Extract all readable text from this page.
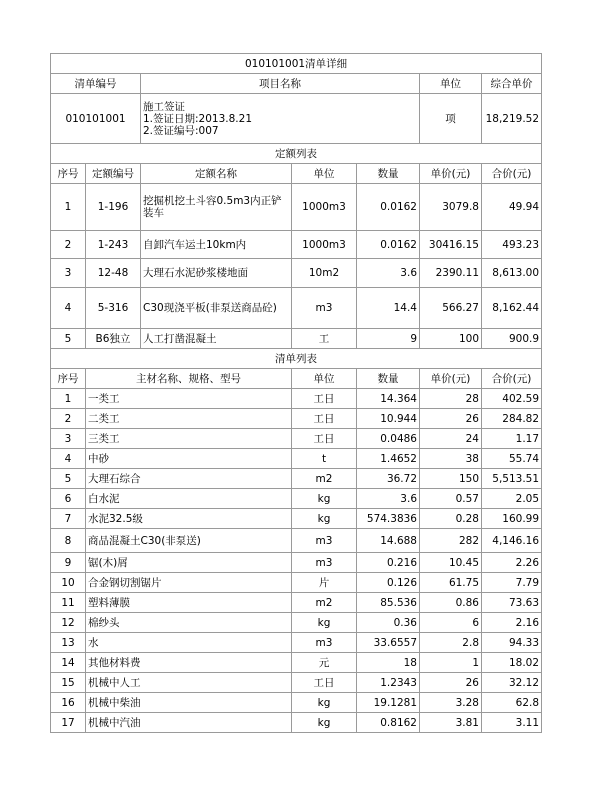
010101001清单详细						
清单编号		项目名称			单位	综合单价
010101001		施工签证
1.签证日期:2013.8.21
2.签证编号:007			项	18,219.52
定额列表						
序号	定额编号	定额名称	单位	数量	单价(元)	合价(元)
1	1-196	挖掘机挖土斗容0.5m3内正铲装车	1000m3	0.0162	3079.8	49.94
2	1-243	自卸汽车运土10km内	1000m3	0.0162	30416.15	493.23
3	12-48	大理石水泥砂浆楼地面	10m2	3.6	2390.11	8,613.00
4	5-316	C30现浇平板(非泵送商品砼)	m3	14.4	566.27	8,162.44
5	B6独立	人工打凿混凝土	工	9	100	900.9
清单列表						
序号	主材名称、规格、型号		单位	数量	单价(元)	合价(元)
1	一类工		工日	14.364	28	402.59
2	二类工		工日	10.944	26	284.82
3	三类工		工日	0.0486	24	1.17
4	中砂		t	1.4652	38	55.74
5	大理石综合		m2	36.72	150	5,513.51
6	白水泥		kg	3.6	0.57	2.05
7	水泥32.5级		kg	574.3836	0.28	160.99
8	商品混凝土C30(非泵送)		m3	14.688	282	4,146.16
9	锯(木)屑		m3	0.216	10.45	2.26
10	合金钢切割锯片		片	0.126	61.75	7.79
11	塑料薄膜		m2	85.536	0.86	73.63
12	棉纱头		kg	0.36	6	2.16
13	水		m3	33.6557	2.8	94.33
14	其他材料费		元	18	1	18.02
15	机械中人工		工日	1.2343	26	32.12
16	机械中柴油		kg	19.1281	3.28	62.8
17	机械中汽油		kg	0.8162	3.81	3.11
